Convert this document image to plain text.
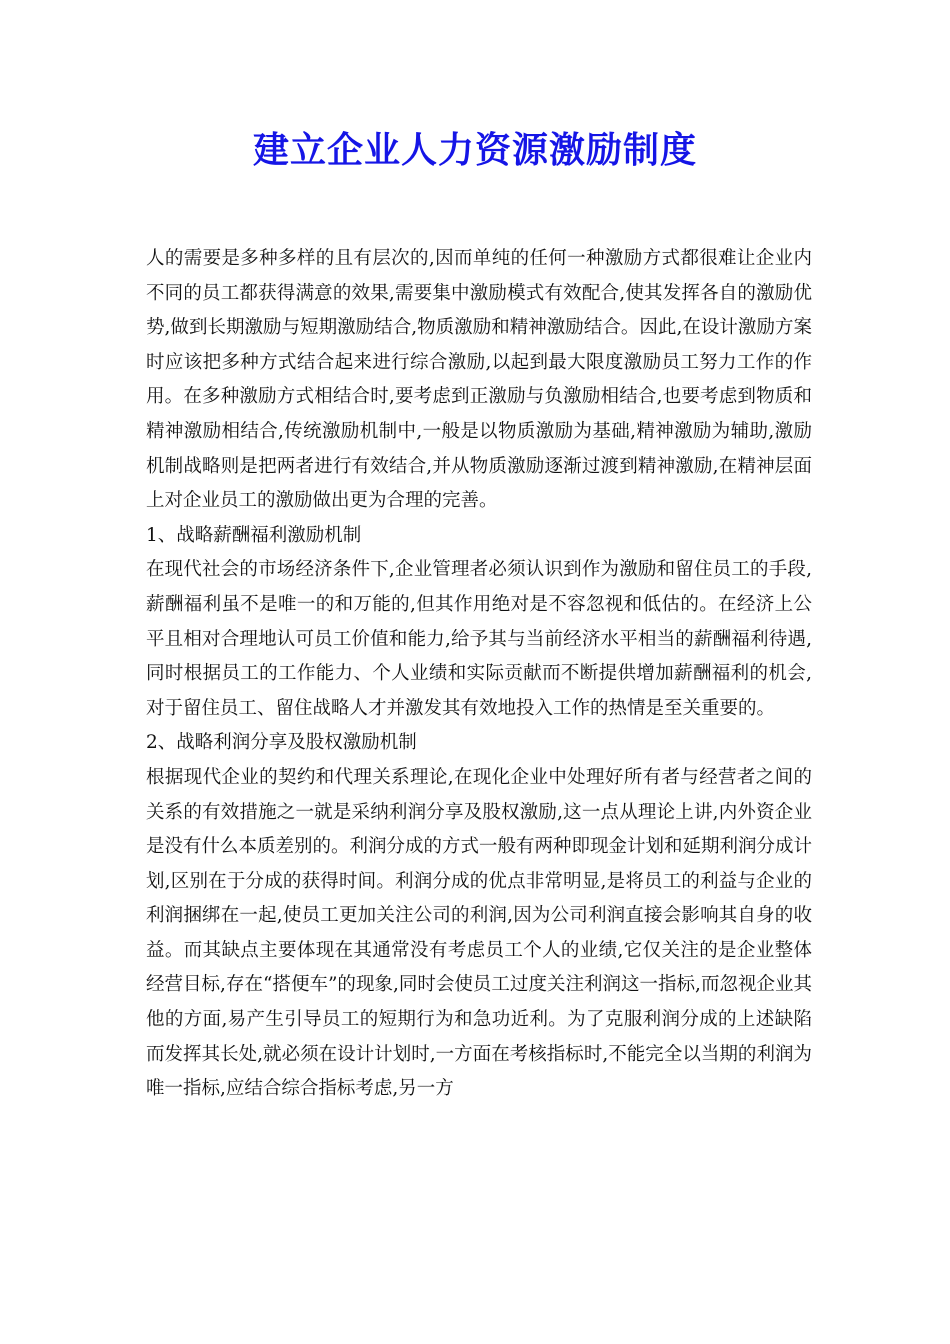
建立企业人力资源激励制度

人的需要是多种多样的且有层次的,因而单纯的任何一种激励方式都很难让企业内不同的员工都获得满意的效果,需要集中激励模式有效配合,使其发挥各自的激励优势,做到长期激励与短期激励结合,物质激励和精神激励结合。因此,在设计激励方案时应该把多种方式结合起来进行综合激励,以起到最大限度激励员工努力工作的作用。在多种激励方式相结合时,要考虑到正激励与负激励相结合,也要考虑到物质和精神激励相结合,传统激励机制中,一般是以物质激励为基础,精神激励为辅助,激励机制战略则是把两者进行有效结合,并从物质激励逐渐过渡到精神激励,在精神层面上对企业员工的激励做出更为合理的完善。

1、战略薪酬福利激励机制

在现代社会的市场经济条件下,企业管理者必须认识到作为激励和留住员工的手段,薪酬福利虽不是唯一的和万能的,但其作用绝对是不容忽视和低估的。在经济上公平且相对合理地认可员工价值和能力,给予其与当前经济水平相当的薪酬福利待遇,同时根据员工的工作能力、个人业绩和实际贡献而不断提供增加薪酬福利的机会,对于留住员工、留住战略人才并激发其有效地投入工作的热情是至关重要的。

2、战略利润分享及股权激励机制

根据现代企业的契约和代理关系理论,在现化企业中处理好所有者与经营者之间的关系的有效措施之一就是采纳利润分享及股权激励,这一点从理论上讲,内外资企业是没有什么本质差别的。利润分成的方式一般有两种即现金计划和延期利润分成计划,区别在于分成的获得时间。利润分成的优点非常明显,是将员工的利益与企业的利润捆绑在一起,使员工更加关注公司的利润,因为公司利润直接会影响其自身的收益。而其缺点主要体现在其通常没有考虑员工个人的业绩,它仅关注的是企业整体经营目标,存在“搭便车”的现象,同时会使员工过度关注利润这一指标,而忽视企业其他的方面,易产生引导员工的短期行为和急功近利。为了克服利润分成的上述缺陷而发挥其长处,就必须在设计计划时,一方面在考核指标时,不能完全以当期的利润为唯一指标,应结合综合指标考虑,另一方
